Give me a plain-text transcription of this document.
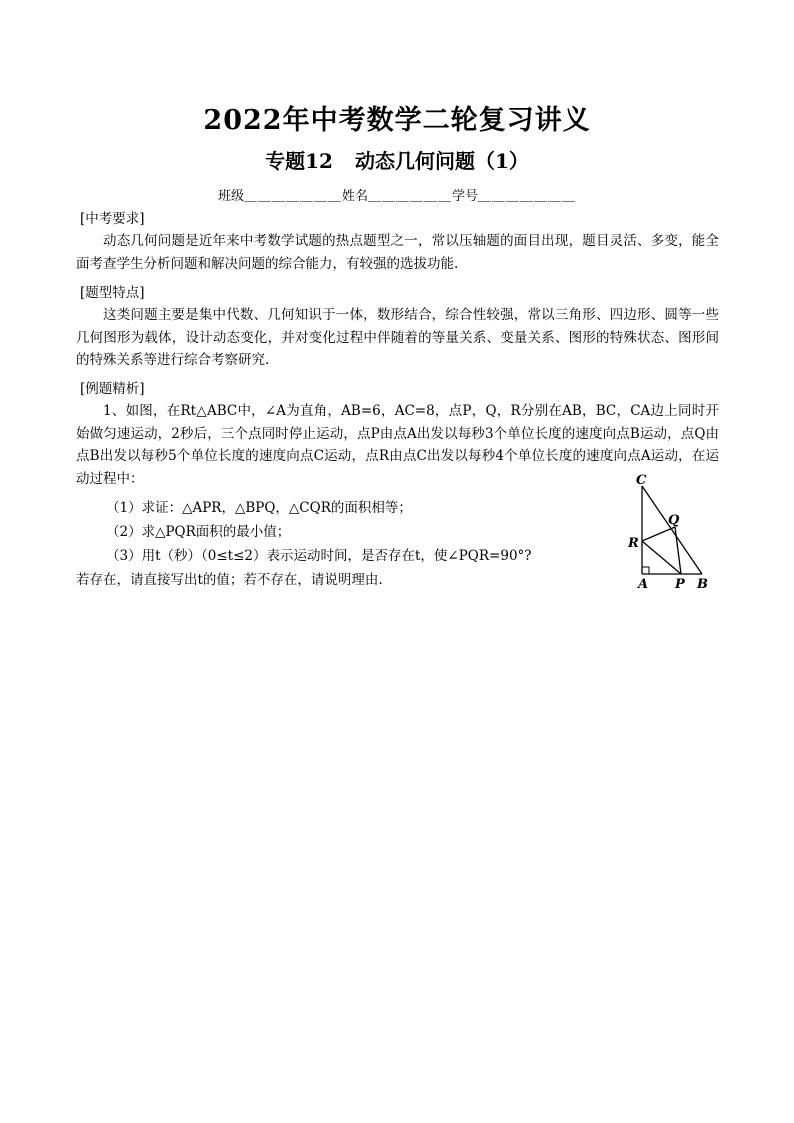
2022年中考数学二轮复习讲义
专题12 动态几何问题（1）
班级＿＿＿＿＿＿＿姓名＿＿＿＿＿＿学号＿＿＿＿＿＿＿
[中考要求]
动态几何问题是近年来中考数学试题的热点题型之一，常以压轴题的面目出现，题目灵活、多变，能全面考查学生分析问题和解决问题的综合能力，有较强的选拔功能.
[题型特点]
这类问题主要是集中代数、几何知识于一体，数形结合，综合性较强，常以三角形、四边形、圆等一些几何图形为载体，设计动态变化，并对变化过程中伴随着的等量关系、变量关系、图形的特殊状态、图形间的特殊关系等进行综合考察研究.
[例题精析]
1、如图，在Rt△ABC中，∠A为直角，AB=6，AC=8，点P，Q，R分别在AB，BC，CA边上同时开始做匀速运动，2秒后，三个点同时停止运动，点P由点A出发以每秒3个单位长度的速度向点B运动，点Q由点B出发以每秒5个单位长度的速度向点C运动，点R由点C出发以每秒4个单位长度的速度向点A运动，在运动过程中：
（1）求证：△APR，△BPQ，△CQR的面积相等；
（2）求△PQR面积的最小值；
（3）用t（秒）（0≤t≤2）表示运动时间，是否存在t，使∠PQR=90°?
若存在，请直接写出t的值；若不存在，请说明理由.
C
Q
R
A P B
